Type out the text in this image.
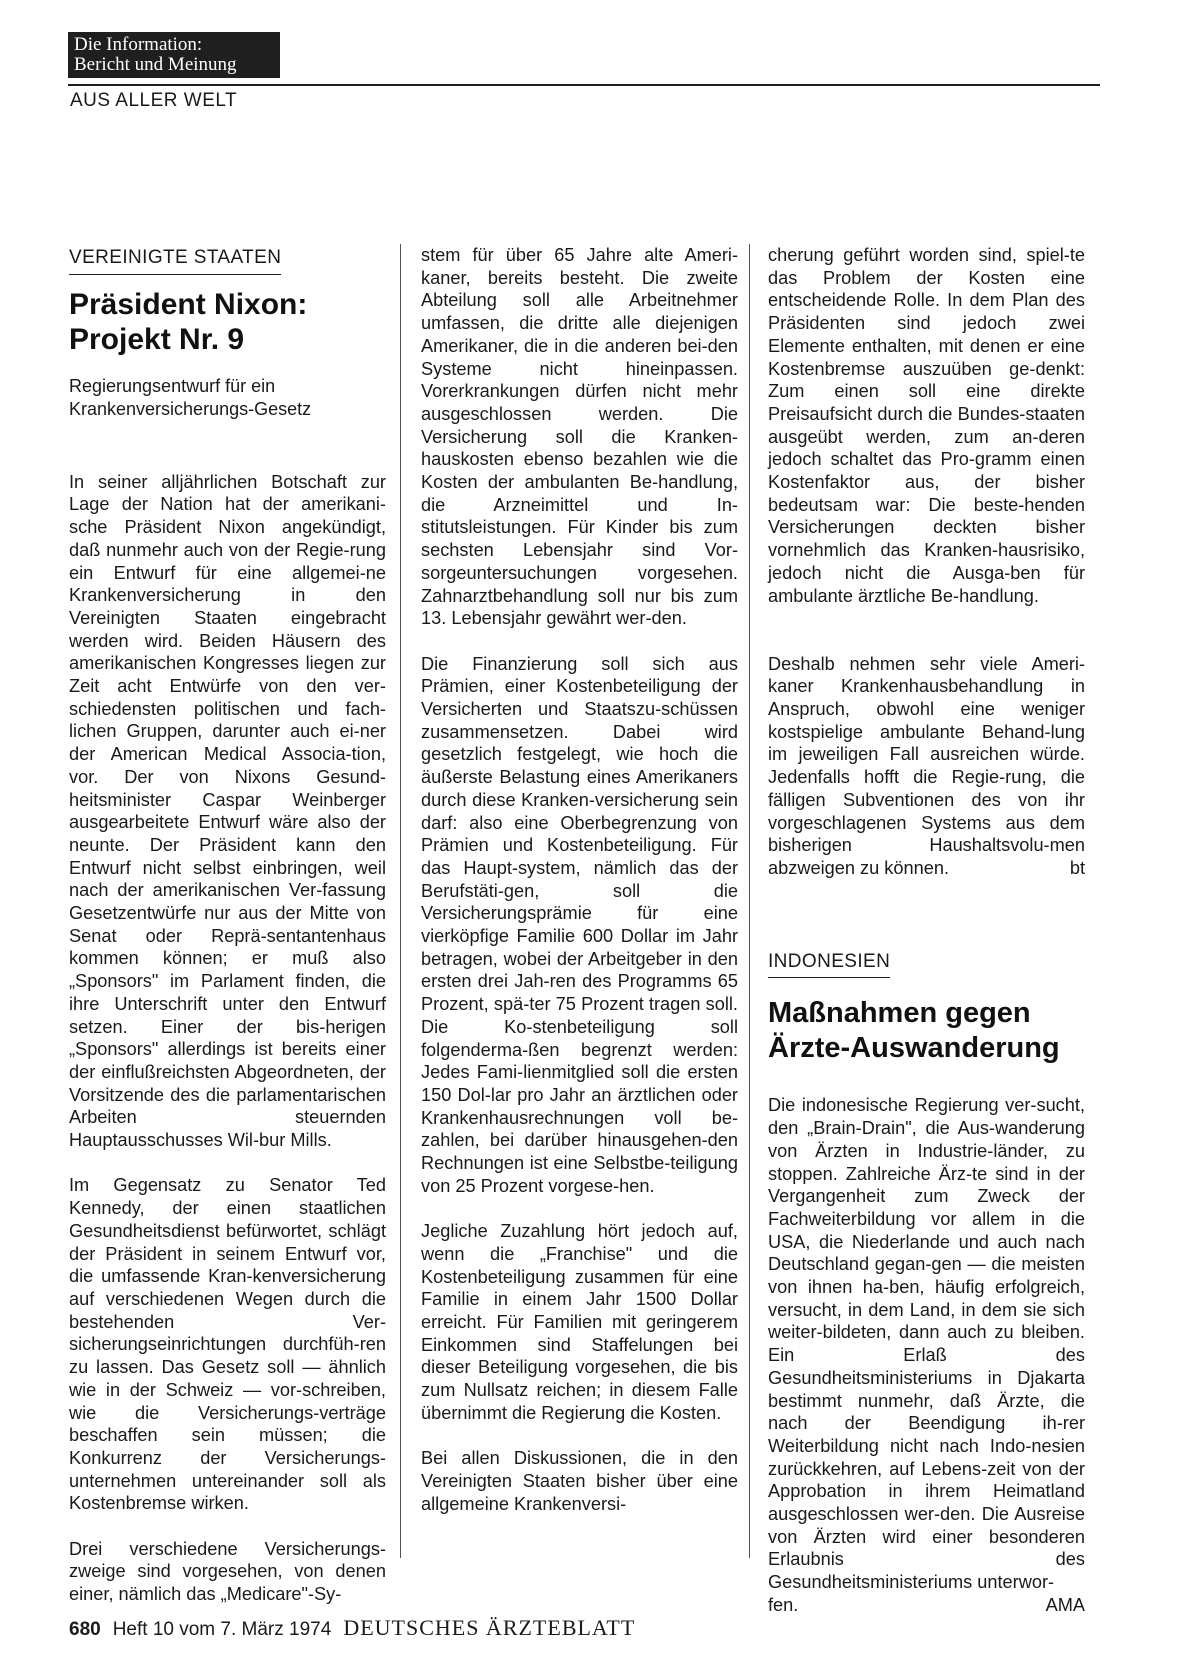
Die Information:
Bericht und Meinung
AUS ALLER WELT
VEREINIGTE STAATEN
Präsident Nixon:
Projekt Nr. 9
Regierungsentwurf für ein Krankenversicherungs-Gesetz

In seiner alljährlichen Botschaft zur Lage der Nation hat der amerikani-sche Präsident Nixon angekündigt, daß nunmehr auch von der Regie-rung ein Entwurf für eine allgemei-ne Krankenversicherung in den Vereinigten Staaten eingebracht werden wird. Beiden Häusern des amerikanischen Kongresses liegen zur Zeit acht Entwürfe von den ver-schiedensten politischen und fach-lichen Gruppen, darunter auch ei-ner der American Medical Associa-tion, vor. Der von Nixons Gesund-heitsminister Caspar Weinberger ausgearbeitete Entwurf wäre also der neunte. Der Präsident kann den Entwurf nicht selbst einbringen, weil nach der amerikanischen Ver-fassung Gesetzentwürfe nur aus der Mitte von Senat oder Reprä-sentantenhaus kommen können; er muß also „Sponsors" im Parlament finden, die ihre Unterschrift unter den Entwurf setzen. Einer der bis-herigen „Sponsors" allerdings ist bereits einer der einflußreichsten Abgeordneten, der Vorsitzende des die parlamentarischen Arbeiten steuernden Hauptausschusses Wil-bur Mills.

Im Gegensatz zu Senator Ted Kennedy, der einen staatlichen Gesundheitsdienst befürwortet, schlägt der Präsident in seinem Entwurf vor, die umfassende Kran-kenversicherung auf verschiedenen Wegen durch die bestehenden Ver-sicherungseinrichtungen durchfüh-ren zu lassen. Das Gesetz soll — ähnlich wie in der Schweiz — vor-schreiben, wie die Versicherungs-verträge beschaffen sein müssen; die Konkurrenz der Versicherungs-unternehmen untereinander soll als Kostenbremse wirken.

Drei verschiedene Versicherungs-zweige sind vorgesehen, von denen einer, nämlich das „Medicare"-Sy-

stem für über 65 Jahre alte Ameri-kaner, bereits besteht. Die zweite Abteilung soll alle Arbeitnehmer umfassen, die dritte alle diejenigen Amerikaner, die in die anderen bei-den Systeme nicht hineinpassen. Vorerkrankungen dürfen nicht mehr ausgeschlossen werden. Die Versicherung soll die Kranken-hauskosten ebenso bezahlen wie die Kosten der ambulanten Be-handlung, die Arzneimittel und In-stitutsleistungen. Für Kinder bis zum sechsten Lebensjahr sind Vor-sorgeuntersuchungen vorgesehen. Zahnarztbehandlung soll nur bis zum 13. Lebensjahr gewährt wer-den.

Die Finanzierung soll sich aus Prämien, einer Kostenbeteiligung der Versicherten und Staatszu-schüssen zusammensetzen. Dabei wird gesetzlich festgelegt, wie hoch die äußerste Belastung eines Amerikaners durch diese Kranken-versicherung sein darf: also eine Oberbegrenzung von Prämien und Kostenbeteiligung. Für das Haupt-system, nämlich das der Berufstäti-gen, soll die Versicherungsprämie für eine vierköpfige Familie 600 Dollar im Jahr betragen, wobei der Arbeitgeber in den ersten drei Jah-ren des Programms 65 Prozent, spä-ter 75 Prozent tragen soll. Die Ko-stenbeteiligung soll folgenderma-ßen begrenzt werden: Jedes Fami-lienmitglied soll die ersten 150 Dol-lar pro Jahr an ärztlichen oder Krankenhausrechnungen voll be-zahlen, bei darüber hinausgehen-den Rechnungen ist eine Selbstbe-teiligung von 25 Prozent vorgese-hen.

Jegliche Zuzahlung hört jedoch auf, wenn die „Franchise" und die Kostenbeteiligung zusammen für eine Familie in einem Jahr 1500 Dollar erreicht. Für Familien mit geringerem Einkommen sind Staffelungen bei dieser Beteiligung vorgesehen, die bis zum Nullsatz reichen; in diesem Falle übernimmt die Regierung die Kosten.

Bei allen Diskussionen, die in den Vereinigten Staaten bisher über eine allgemeine Krankenversi-

cherung geführt worden sind, spiel-te das Problem der Kosten eine entscheidende Rolle. In dem Plan des Präsidenten sind jedoch zwei Elemente enthalten, mit denen er eine Kostenbremse auszuüben ge-denkt: Zum einen soll eine direkte Preisaufsicht durch die Bundes-staaten ausgeübt werden, zum an-deren jedoch schaltet das Pro-gramm einen Kostenfaktor aus, der bisher bedeutsam war: Die beste-henden Versicherungen deckten bisher vornehmlich das Kranken-hausrisiko, jedoch nicht die Ausga-ben für ambulante ärztliche Be-handlung.

Deshalb nehmen sehr viele Ameri-kaner Krankenhausbehandlung in Anspruch, obwohl eine weniger kostspielige ambulante Behand-lung im jeweiligen Fall ausreichen würde. Jedenfalls hofft die Regie-rung, die fälligen Subventionen des von ihr vorgeschlagenen Systems aus dem bisherigen Haushaltsvolu-men abzweigen zu können.	bt
INDONESIEN
Maßnahmen gegen
Ärzte-Auswanderung

Die indonesische Regierung ver-sucht, den „Brain-Drain", die Aus-wanderung von Ärzten in Industrie-länder, zu stoppen. Zahlreiche Ärz-te sind in der Vergangenheit zum Zweck der Fachweiterbildung vor allem in die USA, die Niederlande und auch nach Deutschland gegan-gen — die meisten von ihnen ha-ben, häufig erfolgreich, versucht, in dem Land, in dem sie sich weiter-bildeten, dann auch zu bleiben. Ein Erlaß des Gesundheitsministeriums in Djakarta bestimmt nunmehr, daß Ärzte, die nach der Beendigung ih-rer Weiterbildung nicht nach Indo-nesien zurückkehren, auf Lebens-zeit von der Approbation in ihrem Heimatland ausgeschlossen wer-den. Die Ausreise von Ärzten wird einer besonderen Erlaubnis des Gesundheitsministeriums unterwor-

fen.	AMA
680 Heft 10 vom 7. März 1974 DEUTSCHES ÄRZTEBLATT
